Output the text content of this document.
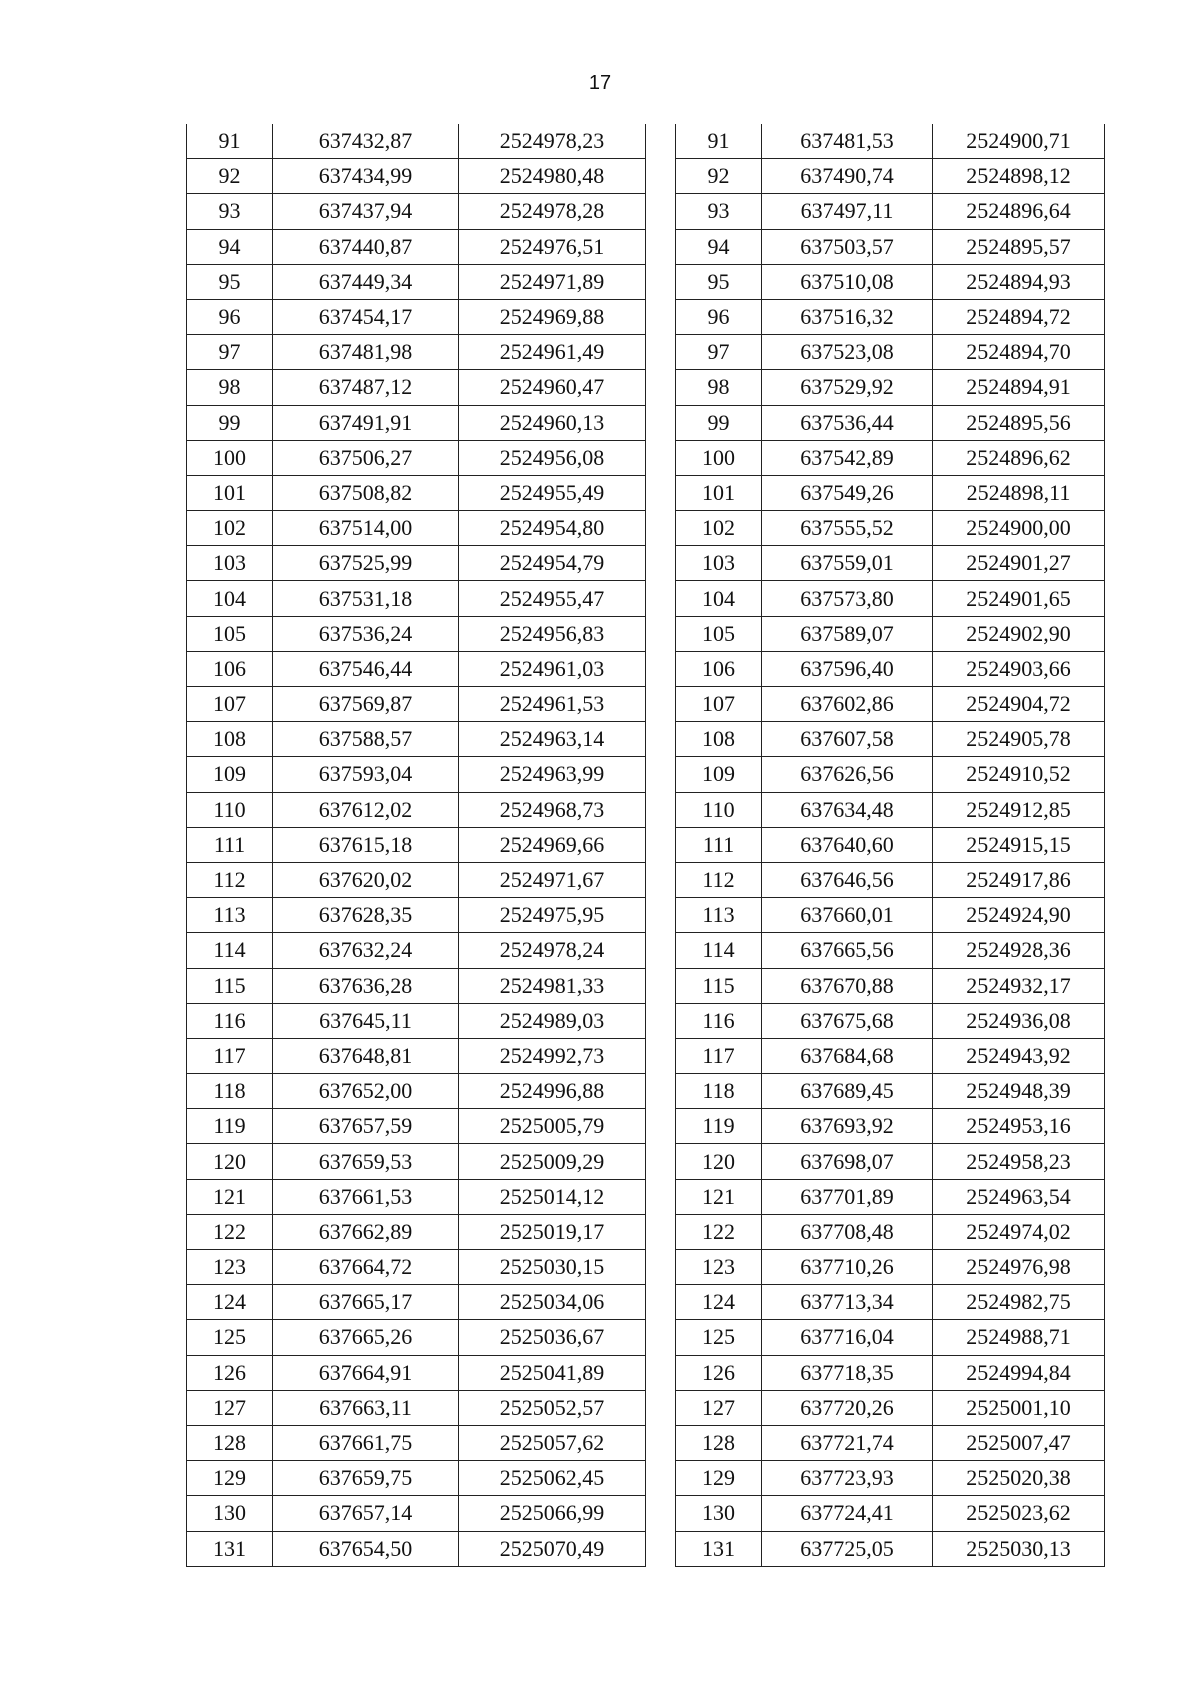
17
91	637432,87	2524978,23
92	637434,99	2524980,48
93	637437,94	2524978,28
94	637440,87	2524976,51
95	637449,34	2524971,89
96	637454,17	2524969,88
97	637481,98	2524961,49
98	637487,12	2524960,47
99	637491,91	2524960,13
100	637506,27	2524956,08
101	637508,82	2524955,49
102	637514,00	2524954,80
103	637525,99	2524954,79
104	637531,18	2524955,47
105	637536,24	2524956,83
106	637546,44	2524961,03
107	637569,87	2524961,53
108	637588,57	2524963,14
109	637593,04	2524963,99
110	637612,02	2524968,73
111	637615,18	2524969,66
112	637620,02	2524971,67
113	637628,35	2524975,95
114	637632,24	2524978,24
115	637636,28	2524981,33
116	637645,11	2524989,03
117	637648,81	2524992,73
118	637652,00	2524996,88
119	637657,59	2525005,79
120	637659,53	2525009,29
121	637661,53	2525014,12
122	637662,89	2525019,17
123	637664,72	2525030,15
124	637665,17	2525034,06
125	637665,26	2525036,67
126	637664,91	2525041,89
127	637663,11	2525052,57
128	637661,75	2525057,62
129	637659,75	2525062,45
130	637657,14	2525066,99
131	637654,50	2525070,49
91	637481,53	2524900,71
92	637490,74	2524898,12
93	637497,11	2524896,64
94	637503,57	2524895,57
95	637510,08	2524894,93
96	637516,32	2524894,72
97	637523,08	2524894,70
98	637529,92	2524894,91
99	637536,44	2524895,56
100	637542,89	2524896,62
101	637549,26	2524898,11
102	637555,52	2524900,00
103	637559,01	2524901,27
104	637573,80	2524901,65
105	637589,07	2524902,90
106	637596,40	2524903,66
107	637602,86	2524904,72
108	637607,58	2524905,78
109	637626,56	2524910,52
110	637634,48	2524912,85
111	637640,60	2524915,15
112	637646,56	2524917,86
113	637660,01	2524924,90
114	637665,56	2524928,36
115	637670,88	2524932,17
116	637675,68	2524936,08
117	637684,68	2524943,92
118	637689,45	2524948,39
119	637693,92	2524953,16
120	637698,07	2524958,23
121	637701,89	2524963,54
122	637708,48	2524974,02
123	637710,26	2524976,98
124	637713,34	2524982,75
125	637716,04	2524988,71
126	637718,35	2524994,84
127	637720,26	2525001,10
128	637721,74	2525007,47
129	637723,93	2525020,38
130	637724,41	2525023,62
131	637725,05	2525030,13
